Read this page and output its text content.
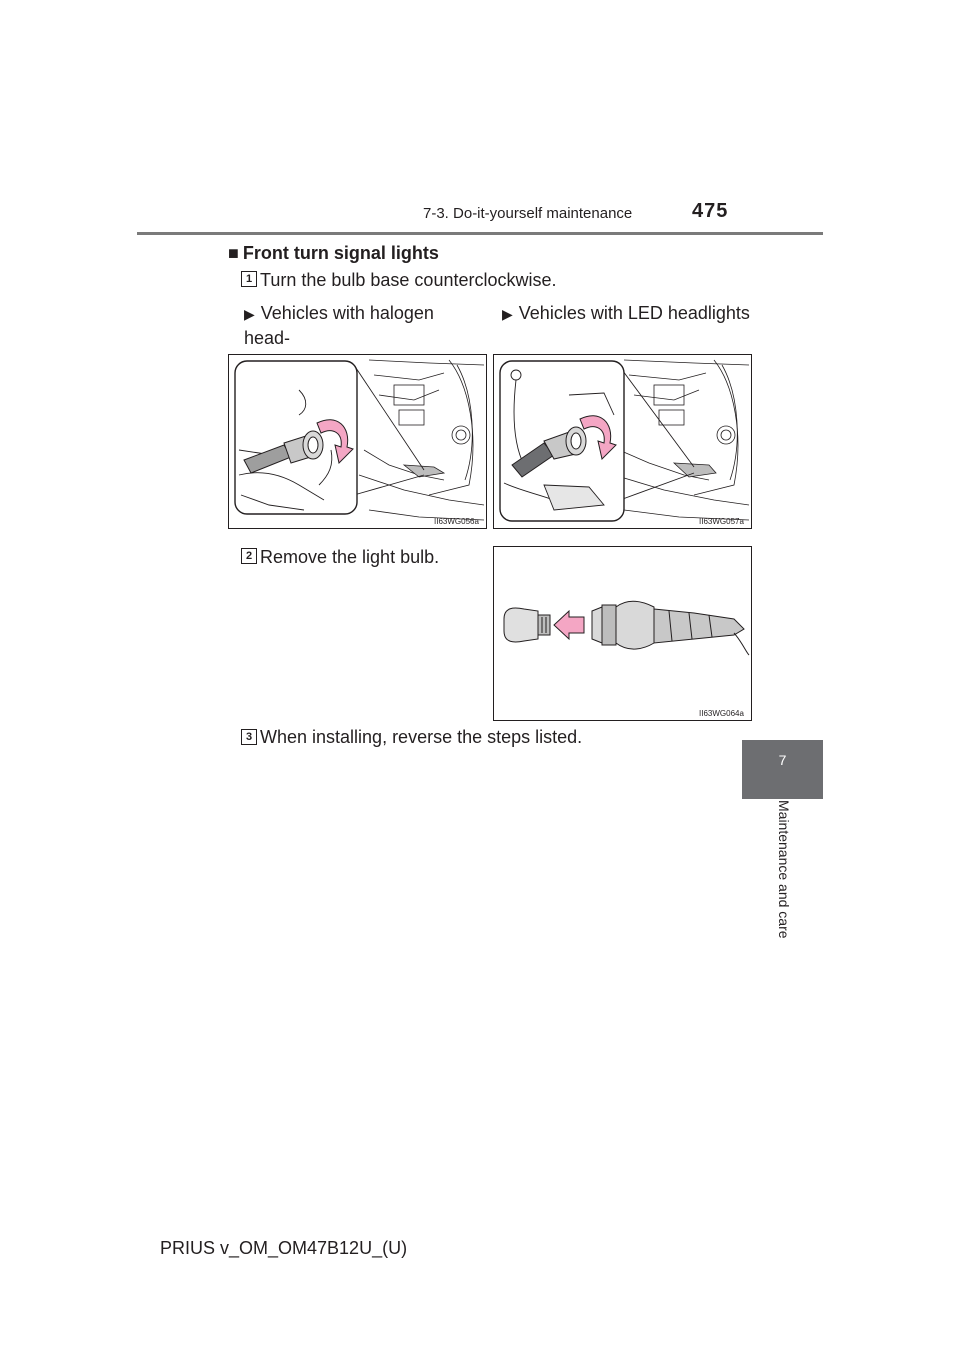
7-3. Do-it-yourself maintenance	475
7
Maintenance and care
■ Front turn signal lights
1 Turn the bulb base counterclockwise.
▶ Vehicles with halogen head-

▶ Vehicles with LED headlights
II63WG056a	II63WG057a
2 Remove the light bulb.
II63WG064a
3 When installing, reverse the steps listed.
PRIUS v_OM_OM47B12U_(U)
